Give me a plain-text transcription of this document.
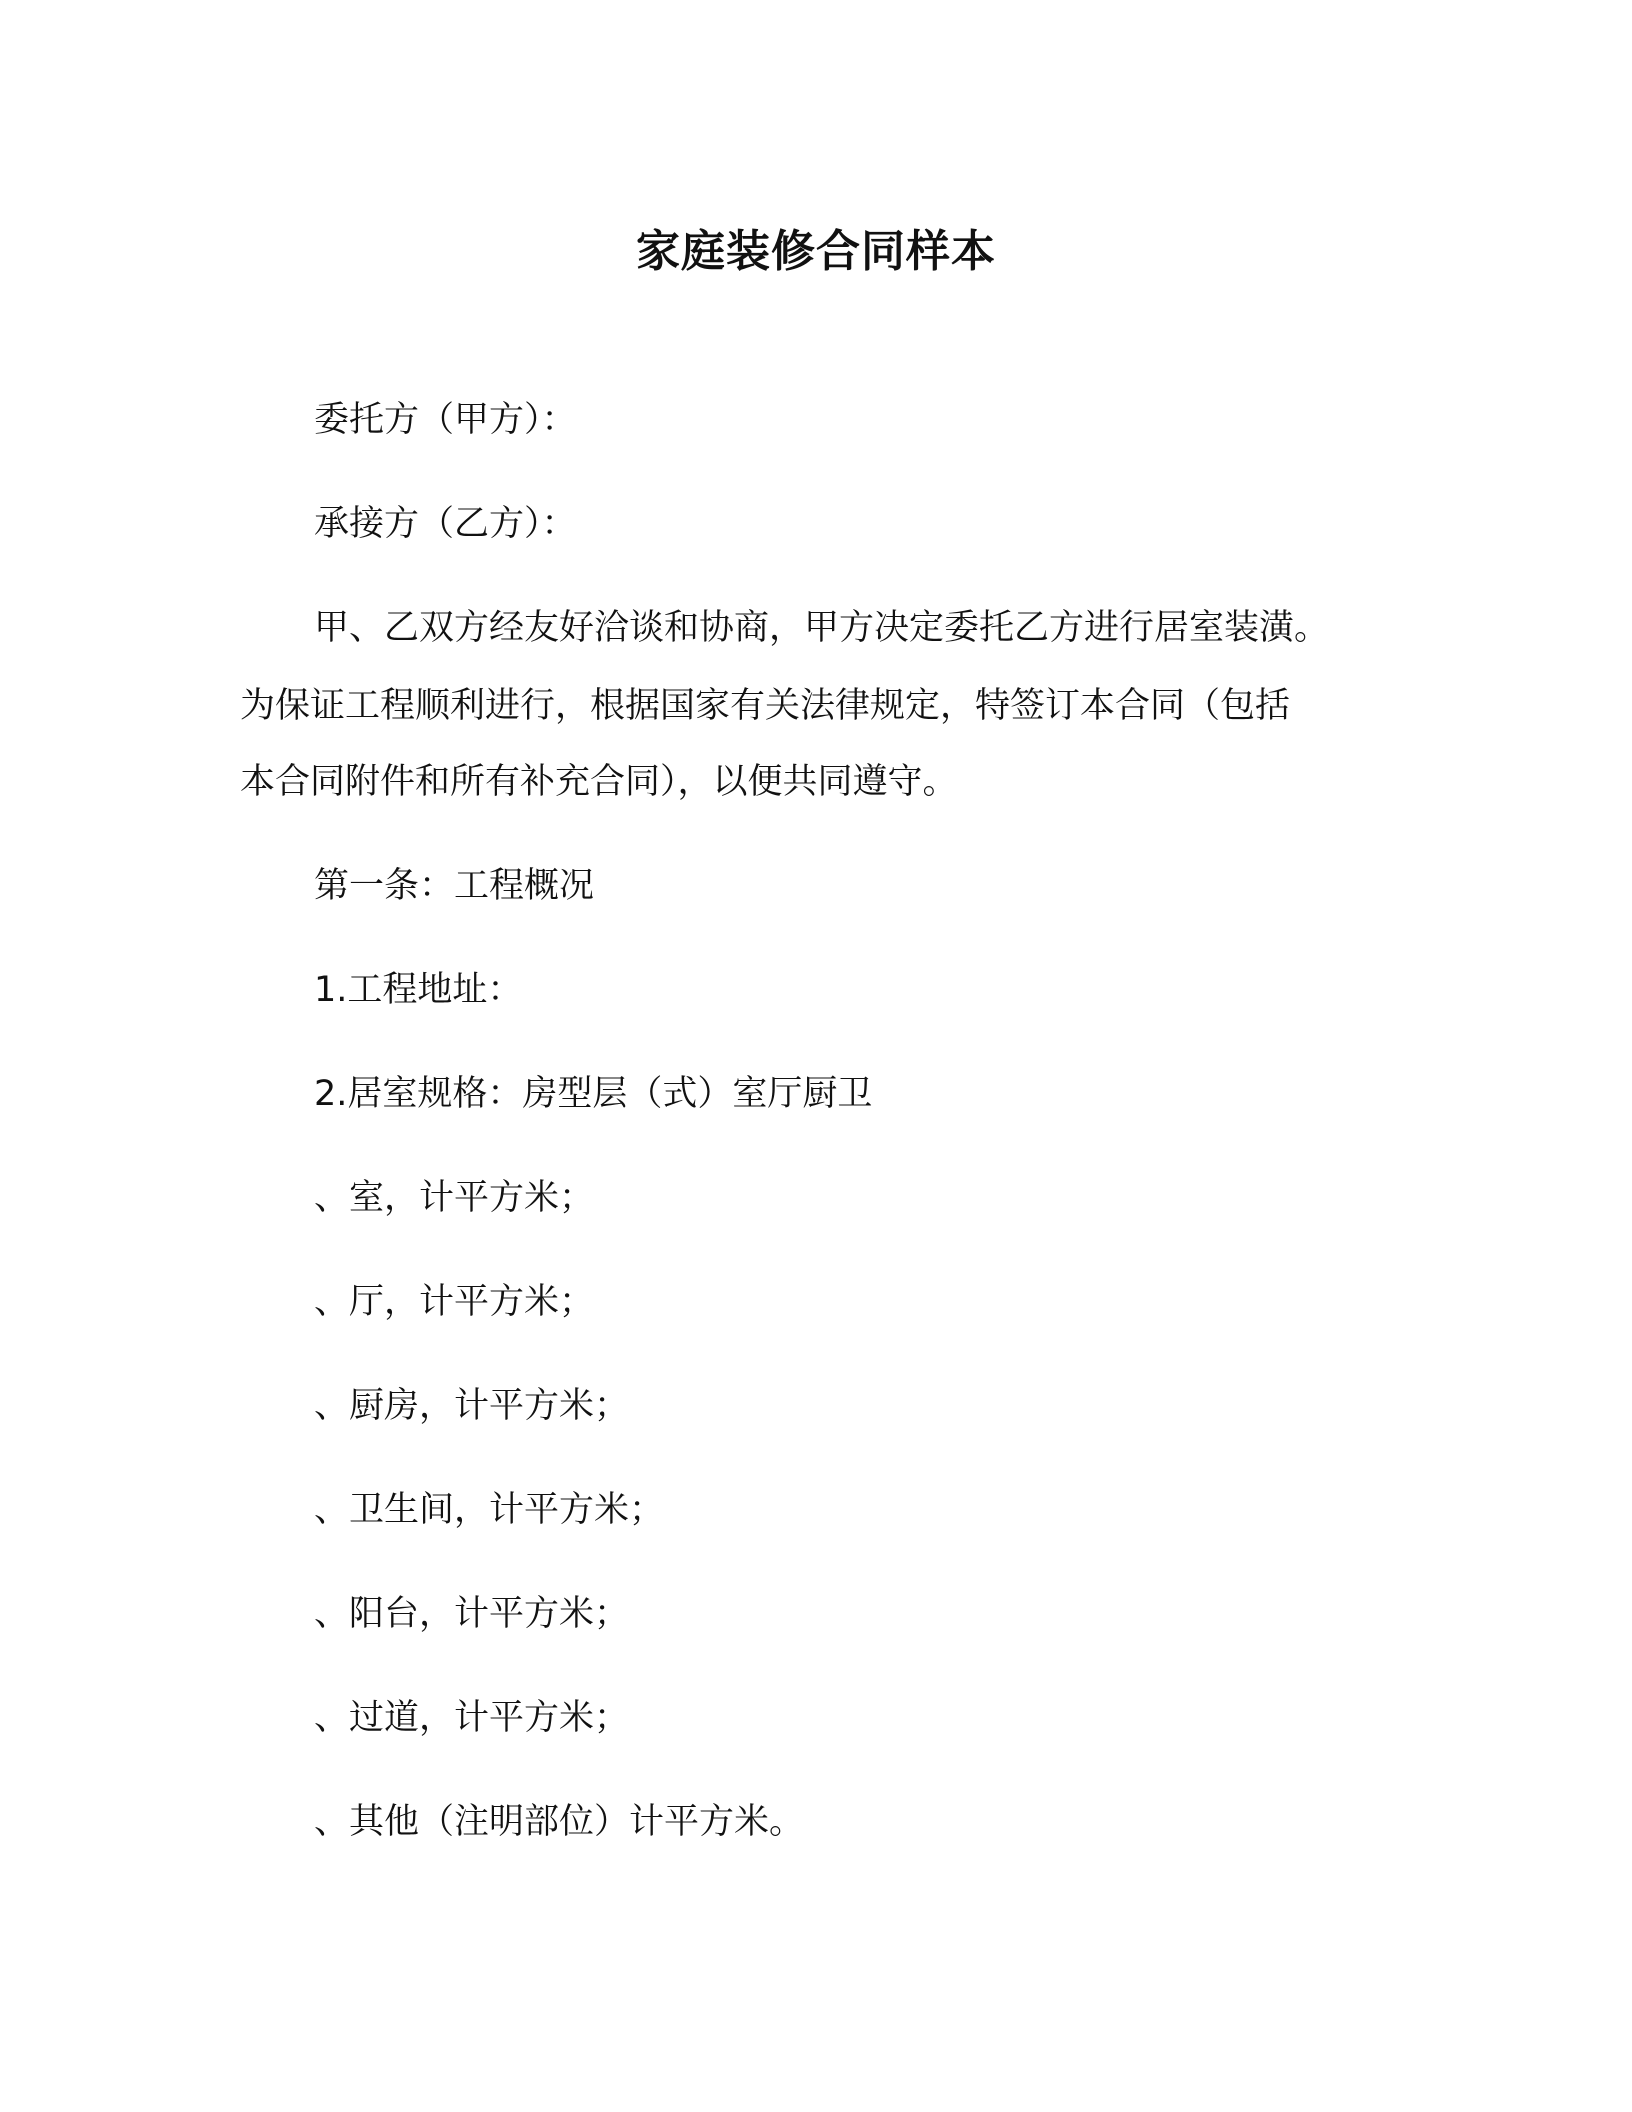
家庭装修合同样本

委托方（甲方）：

承接方（乙方）：

甲、乙双方经友好洽谈和协商，甲方决定委托乙方进行居室装潢。

为保证工程顺利进行，根据国家有关法律规定，特签订本合同（包括

本合同附件和所有补充合同），以便共同遵守。

第一条：工程概况

1.工程地址：

2.居室规格：房型层（式）室厅厨卫

、室，计平方米；

、厅，计平方米；

、厨房，计平方米；

、卫生间，计平方米；

、阳台，计平方米；

、过道，计平方米；

、其他（注明部位）计平方米。
